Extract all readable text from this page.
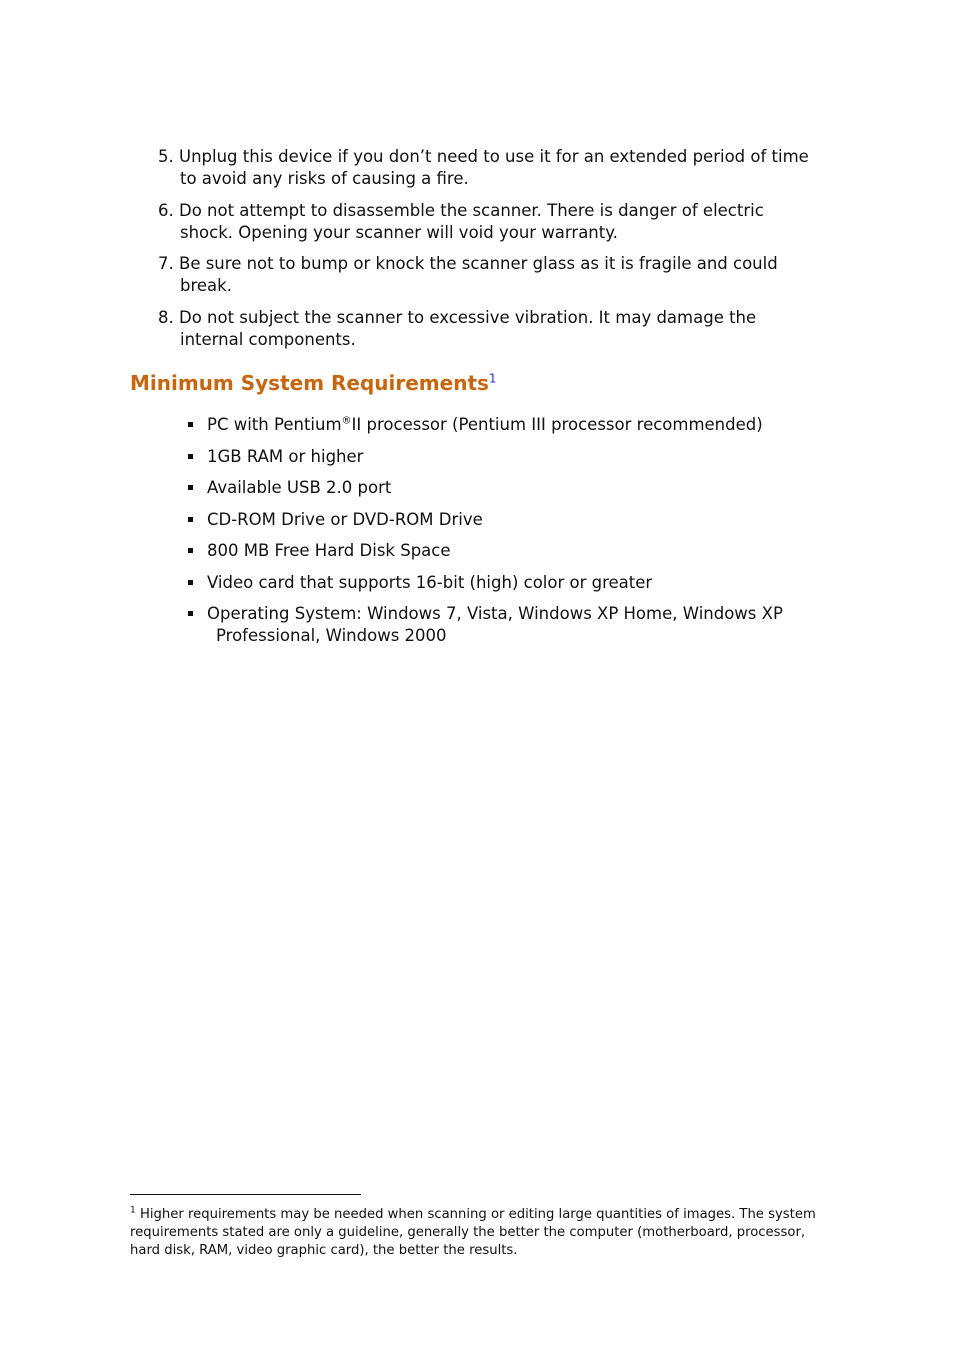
5. Unplug this device if you don’t need to use it for an extended period of time to avoid any risks of causing a fire.
6. Do not attempt to disassemble the scanner. There is danger of electric shock. Opening your scanner will void your warranty.
7. Be sure not to bump or knock the scanner glass as it is fragile and could break.
8. Do not subject the scanner to excessive vibration. It may damage the internal components.
Minimum System Requirements$^1$
PC with Pentium®II processor (Pentium III processor recommended)
1GB RAM or higher
Available USB 2.0 port
CD-ROM Drive or DVD-ROM Drive
800 MB Free Hard Disk Space
Video card that supports 16-bit (high) color or greater
Operating System: Windows 7, Vista, Windows XP Home, Windows XP
Professional, Windows 2000

$^1$ Higher requirements may be needed when scanning or editing large quantities of images. The system requirements stated are only a guideline, generally the better the computer (motherboard, processor, hard disk, RAM, video graphic card), the better the results.
